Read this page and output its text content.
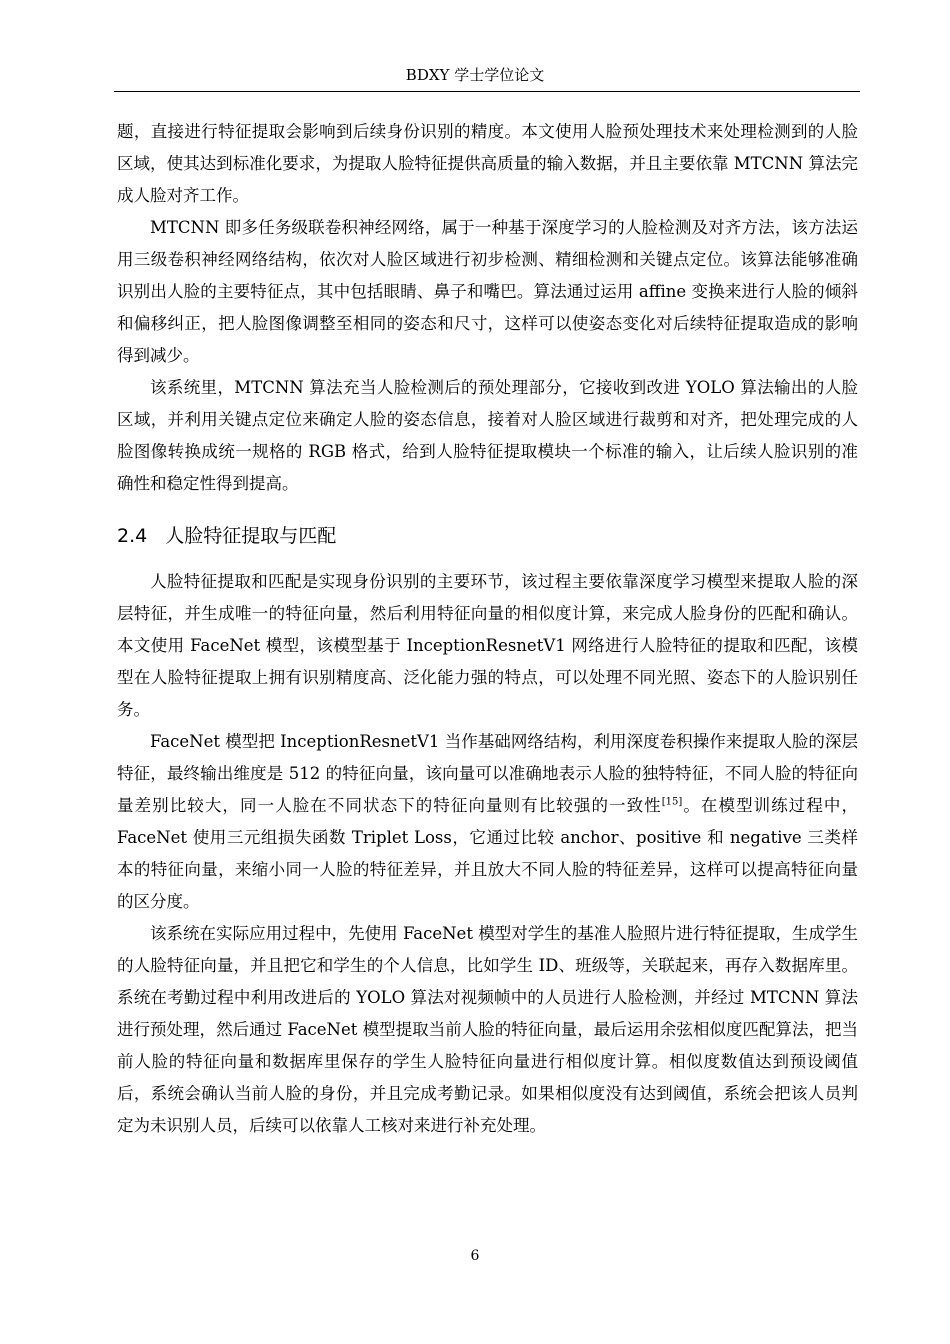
BDXY 学士学位论文

题，直接进行特征提取会影响到后续身份识别的精度。本文使用人脸预处理技术来处理检测到的人脸区域，使其达到标准化要求，为提取人脸特征提供高质量的输入数据，并且主要依靠 MTCNN 算法完成人脸对齐工作。

MTCNN 即多任务级联卷积神经网络，属于一种基于深度学习的人脸检测及对齐方法，该方法运用三级卷积神经网络结构，依次对人脸区域进行初步检测、精细检测和关键点定位。该算法能够准确识别出人脸的主要特征点，其中包括眼睛、鼻子和嘴巴。算法通过运用 affine 变换来进行人脸的倾斜和偏移纠正，把人脸图像调整至相同的姿态和尺寸，这样可以使姿态变化对后续特征提取造成的影响得到减少。

该系统里，MTCNN 算法充当人脸检测后的预处理部分，它接收到改进 YOLO 算法输出的人脸区域，并利用关键点定位来确定人脸的姿态信息，接着对人脸区域进行裁剪和对齐，把处理完成的人脸图像转换成统一规格的 RGB 格式，给到人脸特征提取模块一个标准的输入，让后续人脸识别的准确性和稳定性得到提高。

2.4 人脸特征提取与匹配

人脸特征提取和匹配是实现身份识别的主要环节，该过程主要依靠深度学习模型来提取人脸的深层特征，并生成唯一的特征向量，然后利用特征向量的相似度计算，来完成人脸身份的匹配和确认。本文使用 FaceNet 模型，该模型基于 InceptionResnetV1 网络进行人脸特征的提取和匹配，该模型在人脸特征提取上拥有识别精度高、泛化能力强的特点，可以处理不同光照、姿态下的人脸识别任务。

FaceNet 模型把 InceptionResnetV1 当作基础网络结构，利用深度卷积操作来提取人脸的深层特征，最终输出维度是 512 的特征向量，该向量可以准确地表示人脸的独特特征，不同人脸的特征向量差别比较大，同一人脸在不同状态下的特征向量则有比较强的一致性[15]。在模型训练过程中，FaceNet 使用三元组损失函数 Triplet Loss，它通过比较 anchor、positive 和 negative 三类样本的特征向量，来缩小同一人脸的特征差异，并且放大不同人脸的特征差异，这样可以提高特征向量的区分度。

该系统在实际应用过程中，先使用 FaceNet 模型对学生的基准人脸照片进行特征提取，生成学生的人脸特征向量，并且把它和学生的个人信息，比如学生 ID、班级等，关联起来，再存入数据库里。系统在考勤过程中利用改进后的 YOLO 算法对视频帧中的人员进行人脸检测，并经过 MTCNN 算法进行预处理，然后通过 FaceNet 模型提取当前人脸的特征向量，最后运用余弦相似度匹配算法，把当前人脸的特征向量和数据库里保存的学生人脸特征向量进行相似度计算。相似度数值达到预设阈值后，系统会确认当前人脸的身份，并且完成考勤记录。如果相似度没有达到阈值，系统会把该人员判定为未识别人员，后续可以依靠人工核对来进行补充处理。

6
